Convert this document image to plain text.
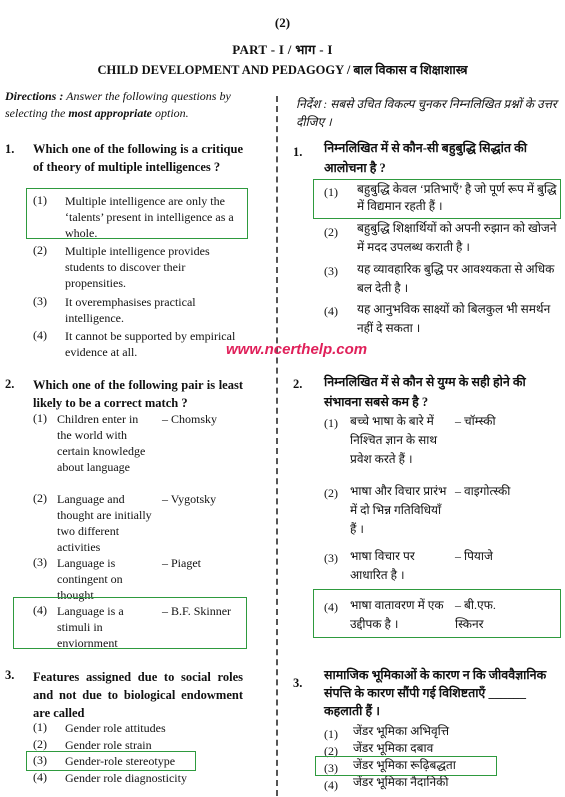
(2)
PART - I / भाग - I
CHILD DEVELOPMENT AND PEDAGOGY / बाल विकास व शिक्षाशास्त्र
Directions : Answer the following questions by selecting the most appropriate option.
निर्देश : सबसे उचित विकल्प चुनकर निम्नलिखित प्रश्नों के उत्तर दीजिए ।
1. Which one of the following is a critique of theory of multiple intelligences ?
(1) Multiple intelligence are only the ‘talents’ present in intelligence as a whole.
(2) Multiple intelligence provides students to discover their propensities.
(3) It overemphasises practical intelligence.
(4) It cannot be supported by empirical evidence at all.	www.ncerthelp.com
2. Which one of the following pair is least likely to be a correct match ?
(1) Children enter in the world with certain knowledge about language
– Chomsky
(2) Language and thought are initially two different activities
– Vygotsky
(3) Language is contingent on thought
– Piaget
(4) Language is a stimuli in enviornment
– B.F. Skinner
3. Features assigned due to social roles and not due to biological endowment are called
(1) Gender role attitudes
(2) Gender role strain
(3) Gender-role stereotype
(4) Gender role diagnosticity
1. निम्नलिखित में से कौन-सी बहुबुद्धि सिद्धांत की आलोचना है ?
(1) बहुबुद्धि केवल ‘प्रतिभाएँ’ है जो पूर्ण रूप में बुद्धि में विद्यमान रहती हैं ।
(2) बहुबुद्धि शिक्षार्थियों को अपनी रुझान को खोजने में मदद उपलब्ध कराती है ।
(3) यह व्यावहारिक बुद्धि पर आवश्यकता से अधिक बल देती है ।
(4) यह आनुभविक साक्ष्यों को बिलकुल भी समर्थन नहीं दे सकता ।
2. निम्नलिखित में से कौन से युग्म के सही होने की संभावना सबसे कम है ?
(1) बच्चे भाषा के बारे में निश्चित ज्ञान के साथ प्रवेश करते हैं ।
– चॉम्स्की
(2) भाषा और विचार प्रारंभ में दो भिन्न गतिविधियाँ हैं ।
– वाइगोत्स्की
(3) भाषा विचार पर आधारित है ।
– पियाजे
(4) भाषा वातावरण में एक उद्दीपक है ।
– बी.एफ. स्किनर
3.
सामाजिक भूमिकाओं के कारण न कि जीववैज्ञानिक संपत्ति के कारण सौंपी गई विशिष्टताएँ ______ कहलाती हैं ।
(1) जेंडर भूमिका अभिवृत्ति
(2) जेंडर भूमिका दबाव
(3) जेंडर भूमिका रूढ़िबद्धता
(4) जेंडर भूमिका नैदानिकी
